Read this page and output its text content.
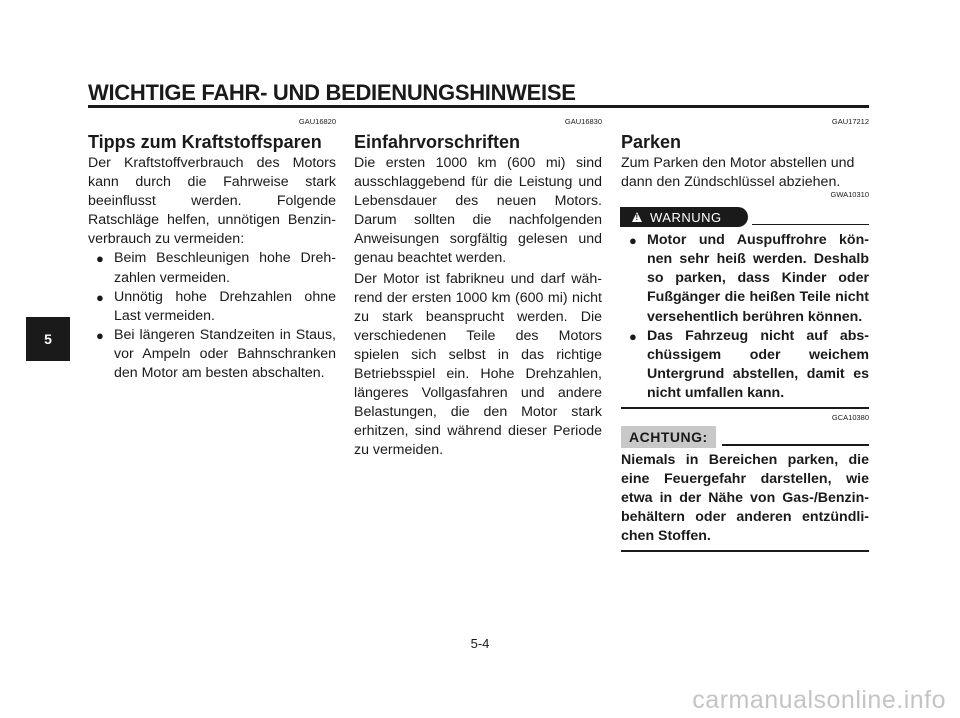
WICHTIGE FAHR- UND BEDIENUNGSHINWEISE
5
GAU16820
Tipps zum Kraftstoffsparen

Der Kraftstoffverbrauch des Motors kann durch die Fahrweise stark beeinflusst werden. Folgende Ratschläge helfen, unnötigen Benzin- verbrauch zu vermeiden:

● Beim Beschleunigen hohe Dreh- zahlen vermeiden.
● Unnötig hohe Drehzahlen ohne Last vermeiden.
● Bei längeren Standzeiten in Staus, vor Ampeln oder Bahnschranken den Motor am besten abschalten.
GAU16830
Einfahrvorschriften

Die ersten 1000 km (600 mi) sind ausschlaggebend für die Leistung und Lebensdauer des neuen Motors. Darum sollten die nachfolgenden Anweisungen sorgfältig gelesen und genau beachtet werden.

Der Motor ist fabrikneu und darf wäh- rend der ersten 1000 km (600 mi) nicht zu stark beansprucht werden. Die verschiedenen Teile des Motors spielen sich selbst in das richtige Betriebsspiel ein. Hohe Drehzahlen, längeres Vollgasfahren und andere Belastungen, die den Motor stark erhitzen, sind während dieser Periode zu vermeiden.

GAU17212
Parken

Zum Parken den Motor abstellen und dann den Zündschlüssel abziehen.

GWA10310
!
WARNUNG
● Motor und Auspuffrohre kön- nen sehr heiß werden. Deshalb so parken, dass Kinder oder Fußgänger die heißen Teile nicht versehentlich berühren können.
● Das Fahrzeug nicht auf abs- chüssigem oder weichem Untergrund abstellen, damit es nicht umfallen kann.
GCA10380
ACHTUNG:

Niemals in Bereichen parken, die eine Feuergefahr darstellen, wie etwa in der Nähe von Gas-/Benzin- behältern oder anderen entzündli- chen Stoffen.

5-4
carmanualsonline.info
